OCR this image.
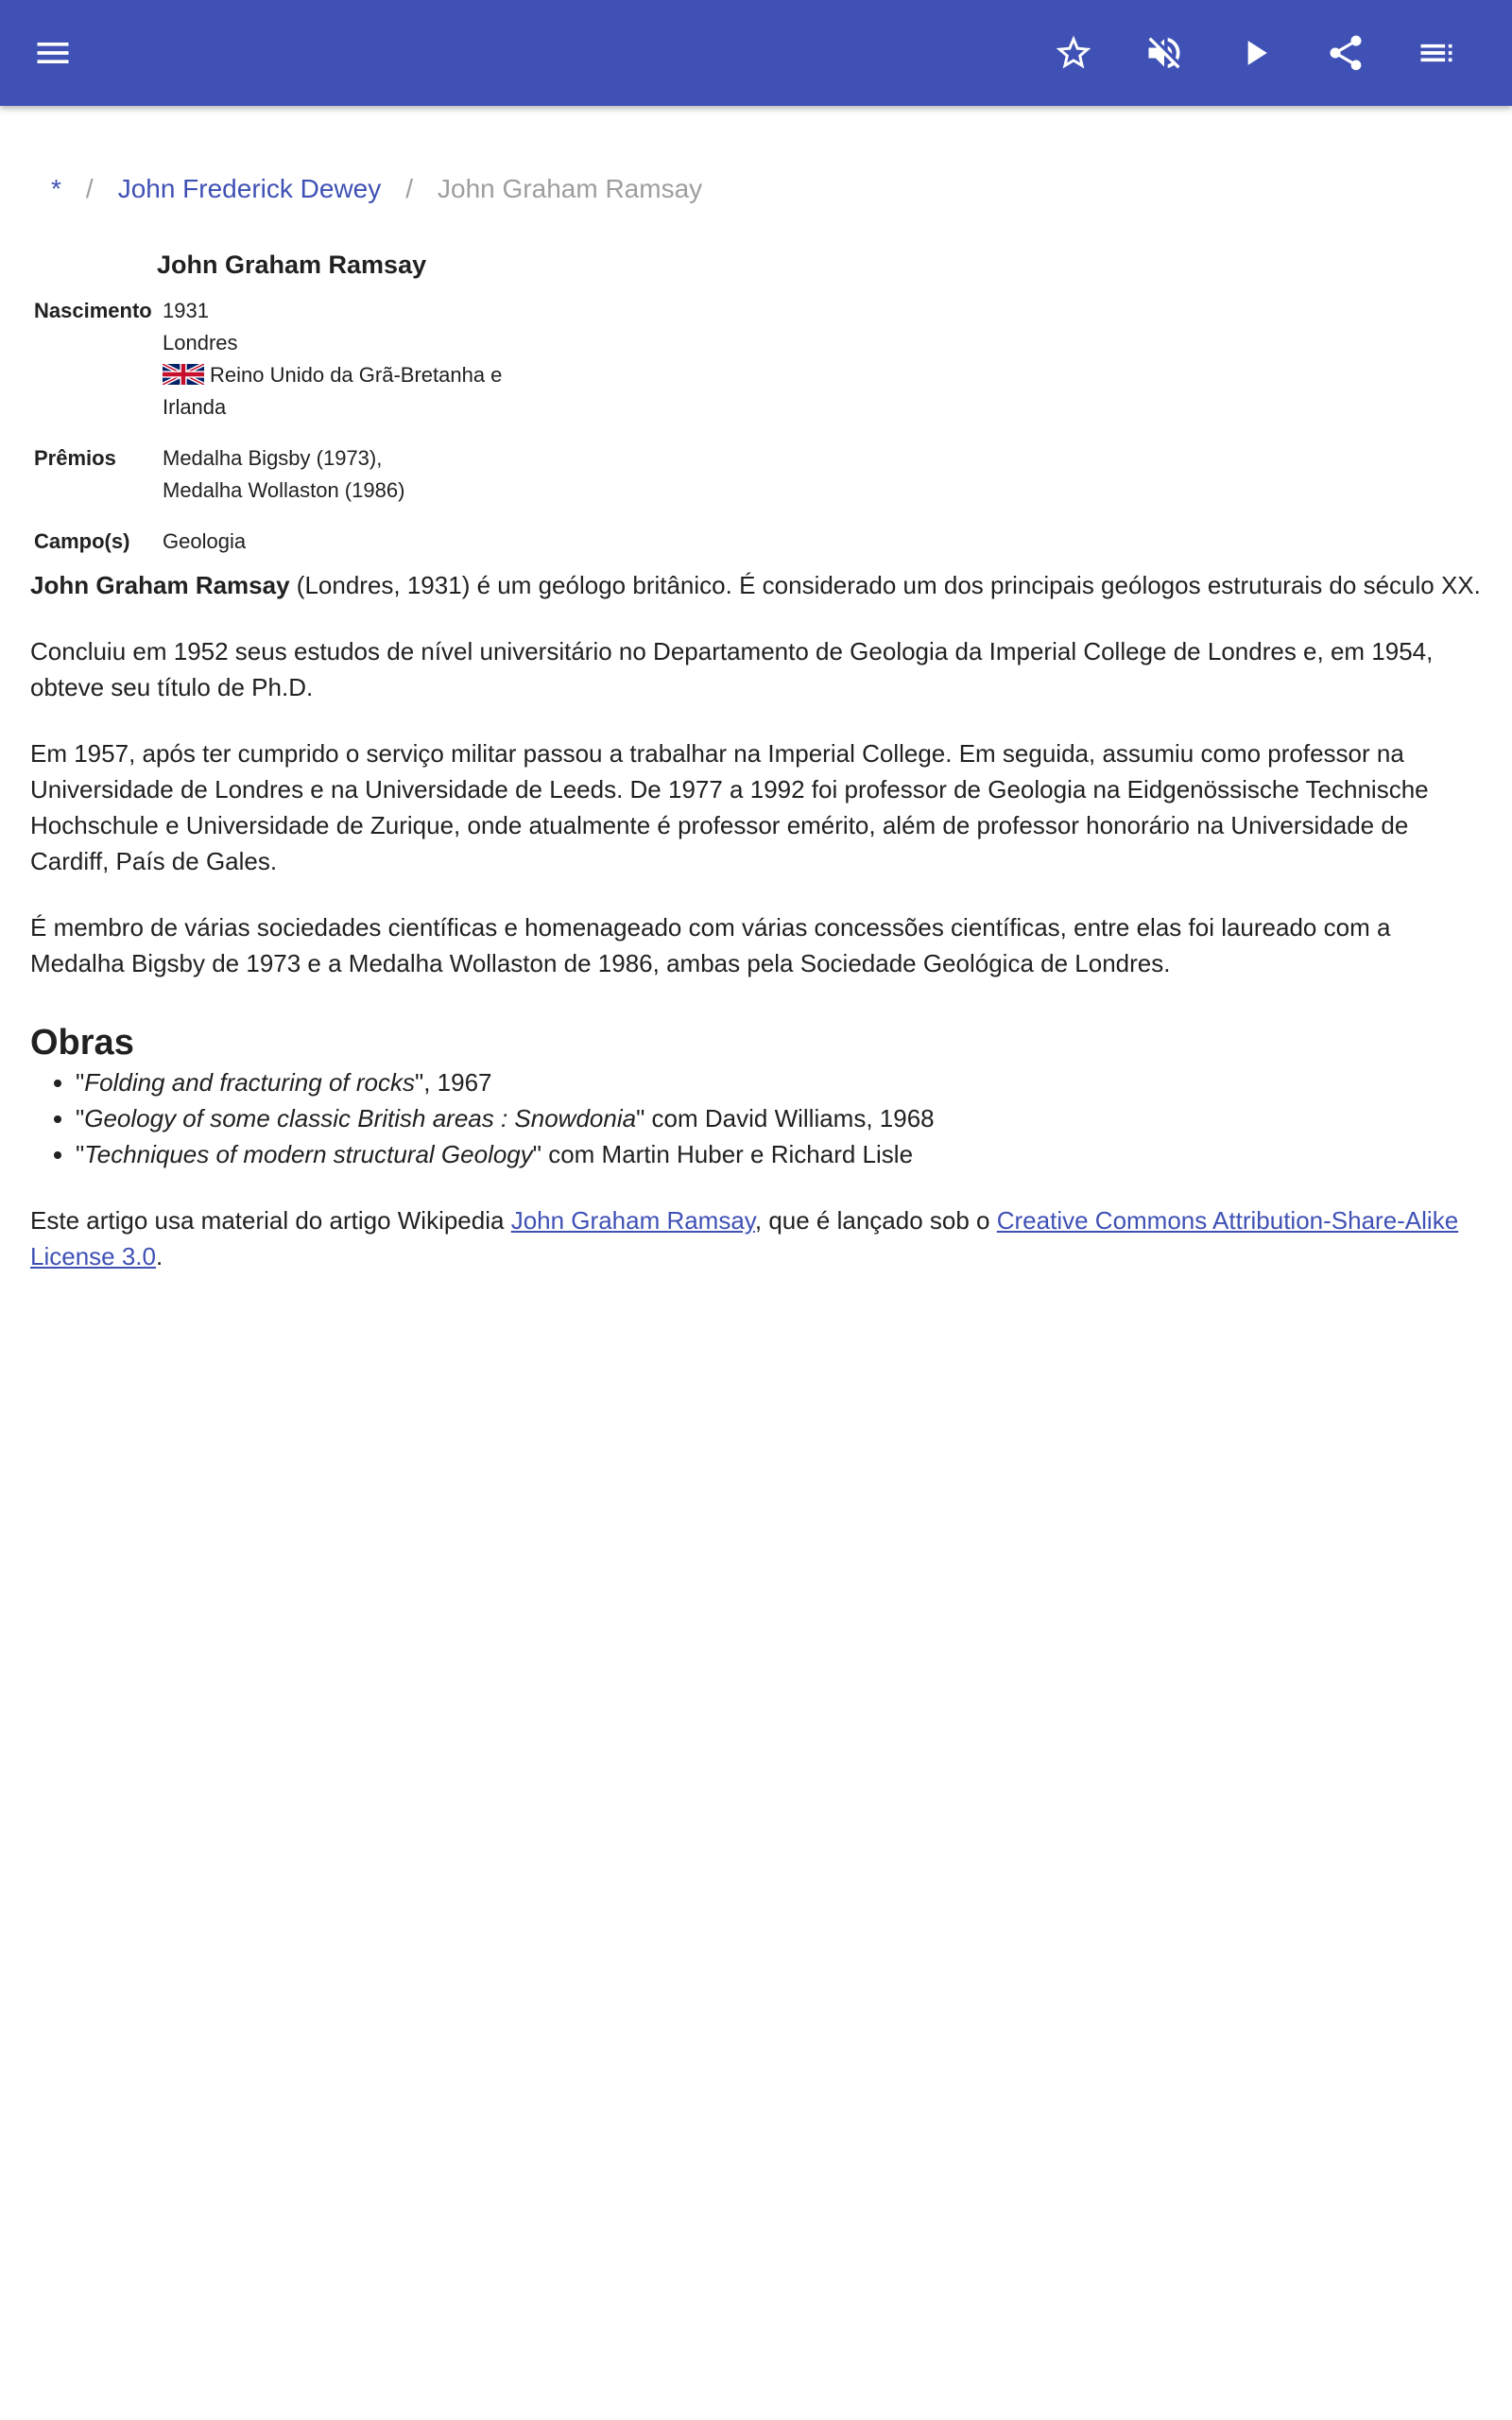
* / John Frederick Dewey / John Graham Ramsay
John Graham Ramsay
Nascimento 1931
Londres
Reino Unido da Grã-Bretanha e Irlanda
Prêmios Medalha Bigsby (1973),
Medalha Wollaston (1986)
Campo(s) Geologia

John Graham Ramsay (Londres, 1931) é um geólogo britânico. É considerado um dos principais geólogos estruturais do século XX.

Concluiu em 1952 seus estudos de nível universitário no Departamento de Geologia da Imperial College de Londres e, em 1954, obteve seu título de Ph.D.

Em 1957, após ter cumprido o serviço militar passou a trabalhar na Imperial College. Em seguida, assumiu como professor na Universidade de Londres e na Universidade de Leeds. De 1977 a 1992 foi professor de Geologia na Eidgenössische Technische Hochschule e Universidade de Zurique, onde atualmente é professor emérito, além de professor honorário na Universidade de Cardiff, País de Gales.

É membro de várias sociedades científicas e homenageado com várias concessões científicas, entre elas foi laureado com a Medalha Bigsby de 1973 e a Medalha Wollaston de 1986, ambas pela Sociedade Geológica de Londres.

Obras
• "Folding and fracturing of rocks", 1967
• "Geology of some classic British areas : Snowdonia" com David Williams, 1968
• "Techniques of modern structural Geology" com Martin Huber e Richard Lisle

Este artigo usa material do artigo Wikipedia John Graham Ramsay, que é lançado sob o Creative Commons Attribution-Share-Alike License 3.0.
